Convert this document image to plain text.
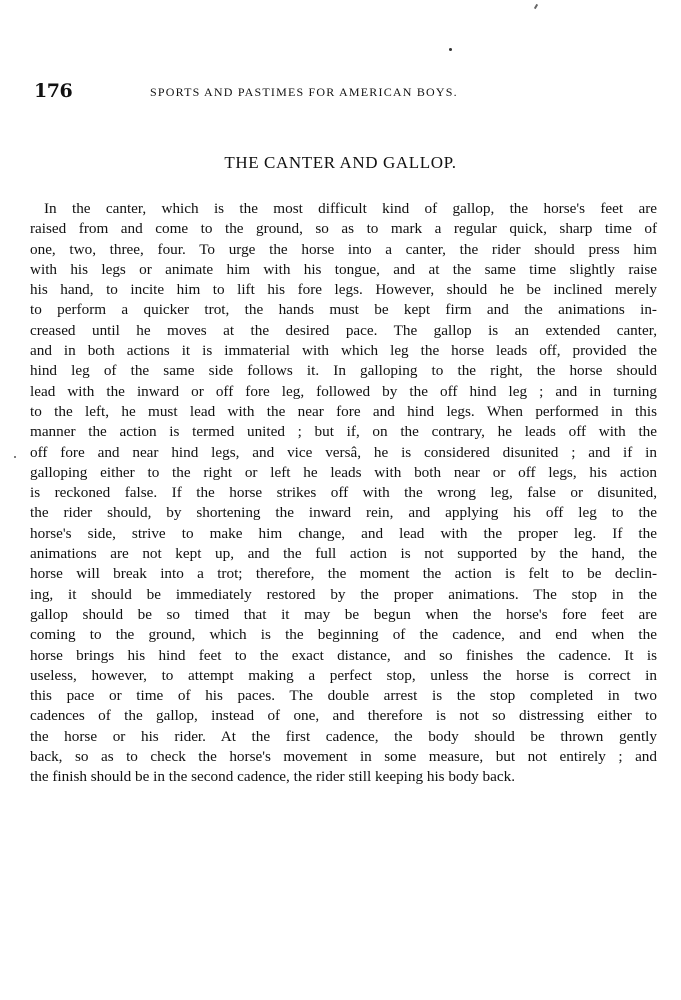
176	SPORTS AND PASTIMES FOR AMERICAN BOYS.
THE CANTER AND GALLOP.
In the canter, which is the most difficult kind of gallop, the horse's feet are
raised from and come to the ground, so as to mark a regular quick, sharp time of
one, two, three, four. To urge the horse into a canter, the rider should press him
with his legs or animate him with his tongue, and at the same time slightly raise
his hand, to incite him to lift his fore legs. However, should he be inclined merely
to perform a quicker trot, the hands must be kept firm and the animations in-
creased until he moves at the desired pace. The gallop is an extended canter,
and in both actions it is immaterial with which leg the horse leads off, provided the
hind leg of the same side follows it. In galloping to the right, the horse should
lead with the inward or off fore leg, followed by the off hind leg ; and in turning
to the left, he must lead with the near fore and hind legs. When performed in this
manner the action is termed united ; but if, on the contrary, he leads off with the
off fore and near hind legs, and vice versâ, he is considered disunited ; and if in
galloping either to the right or left he leads with both near or off legs, his action
is reckoned false. If the horse strikes off with the wrong leg, false or disunited,
the rider should, by shortening the inward rein, and applying his off leg to the
horse's side, strive to make him change, and lead with the proper leg. If the
animations are not kept up, and the full action is not supported by the hand, the
horse will break into a trot; therefore, the moment the action is felt to be declin-
ing, it should be immediately restored by the proper animations. The stop in the
gallop should be so timed that it may be begun when the horse's fore feet are
coming to the ground, which is the beginning of the cadence, and end when the
horse brings his hind feet to the exact distance, and so finishes the cadence. It is
useless, however, to attempt making a perfect stop, unless the horse is correct in
this pace or time of his paces. The double arrest is the stop completed in two
cadences of the gallop, instead of one, and therefore is not so distressing either to
the horse or his rider. At the first cadence, the body should be thrown gently
back, so as to check the horse's movement in some measure, but not entirely ; and
the finish should be in the second cadence, the rider still keeping his body back.
